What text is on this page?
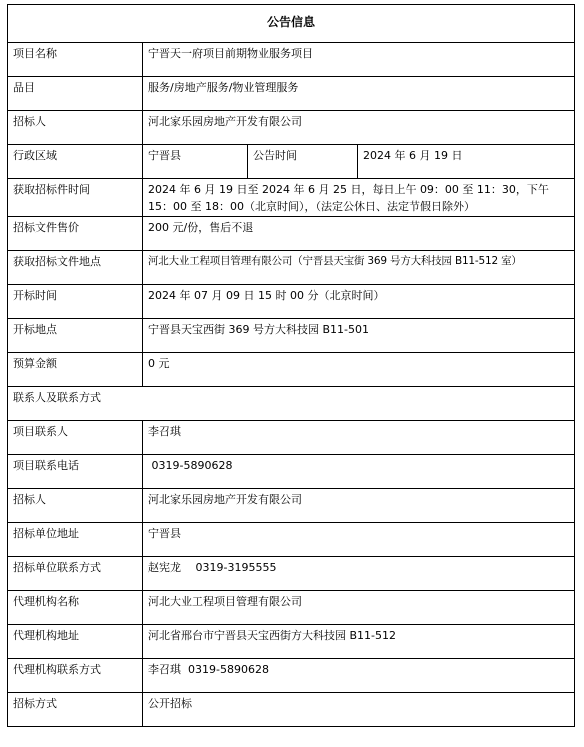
公告信息			
项目名称	宁晋天一府项目前期物业服务项目		
品目	服务/房地产服务/物业管理服务		
招标人	河北家乐园房地产开发有限公司		
行政区域	宁晋县	公告时间	2024 年 6 月 19 日
获取招标件时间	2024 年 6 月 19 日至 2024 年 6 月 25 日，每日上午 09：00 至 11：30，下午 15：00 至 18：00（北京时间），（法定公休日、法定节假日除外）		
招标文件售价	200 元/份，售后不退		
获取招标文件地点	河北大业工程项目管理有限公司（宁晋县天宝街 369 号方大科技园 B11-512 室）		
开标时间	2024 年 07 月 09 日 15 时 00 分（北京时间）		
开标地点	宁晋县天宝西街 369 号方大科技园 B11-501		
预算金额	0 元		
联系人及联系方式			
项目联系人	李召琪		
项目联系电话	0319-5890628		
招标人	河北家乐园房地产开发有限公司		
招标单位地址	宁晋县		
招标单位联系方式	赵宪龙　 0319-3195555		
代理机构名称	河北大业工程项目管理有限公司		
代理机构地址	河北省邢台市宁晋县天宝西街方大科技园 B11-512		
代理机构联系方式	李召琪  0319-5890628		
招标方式	公开招标		
